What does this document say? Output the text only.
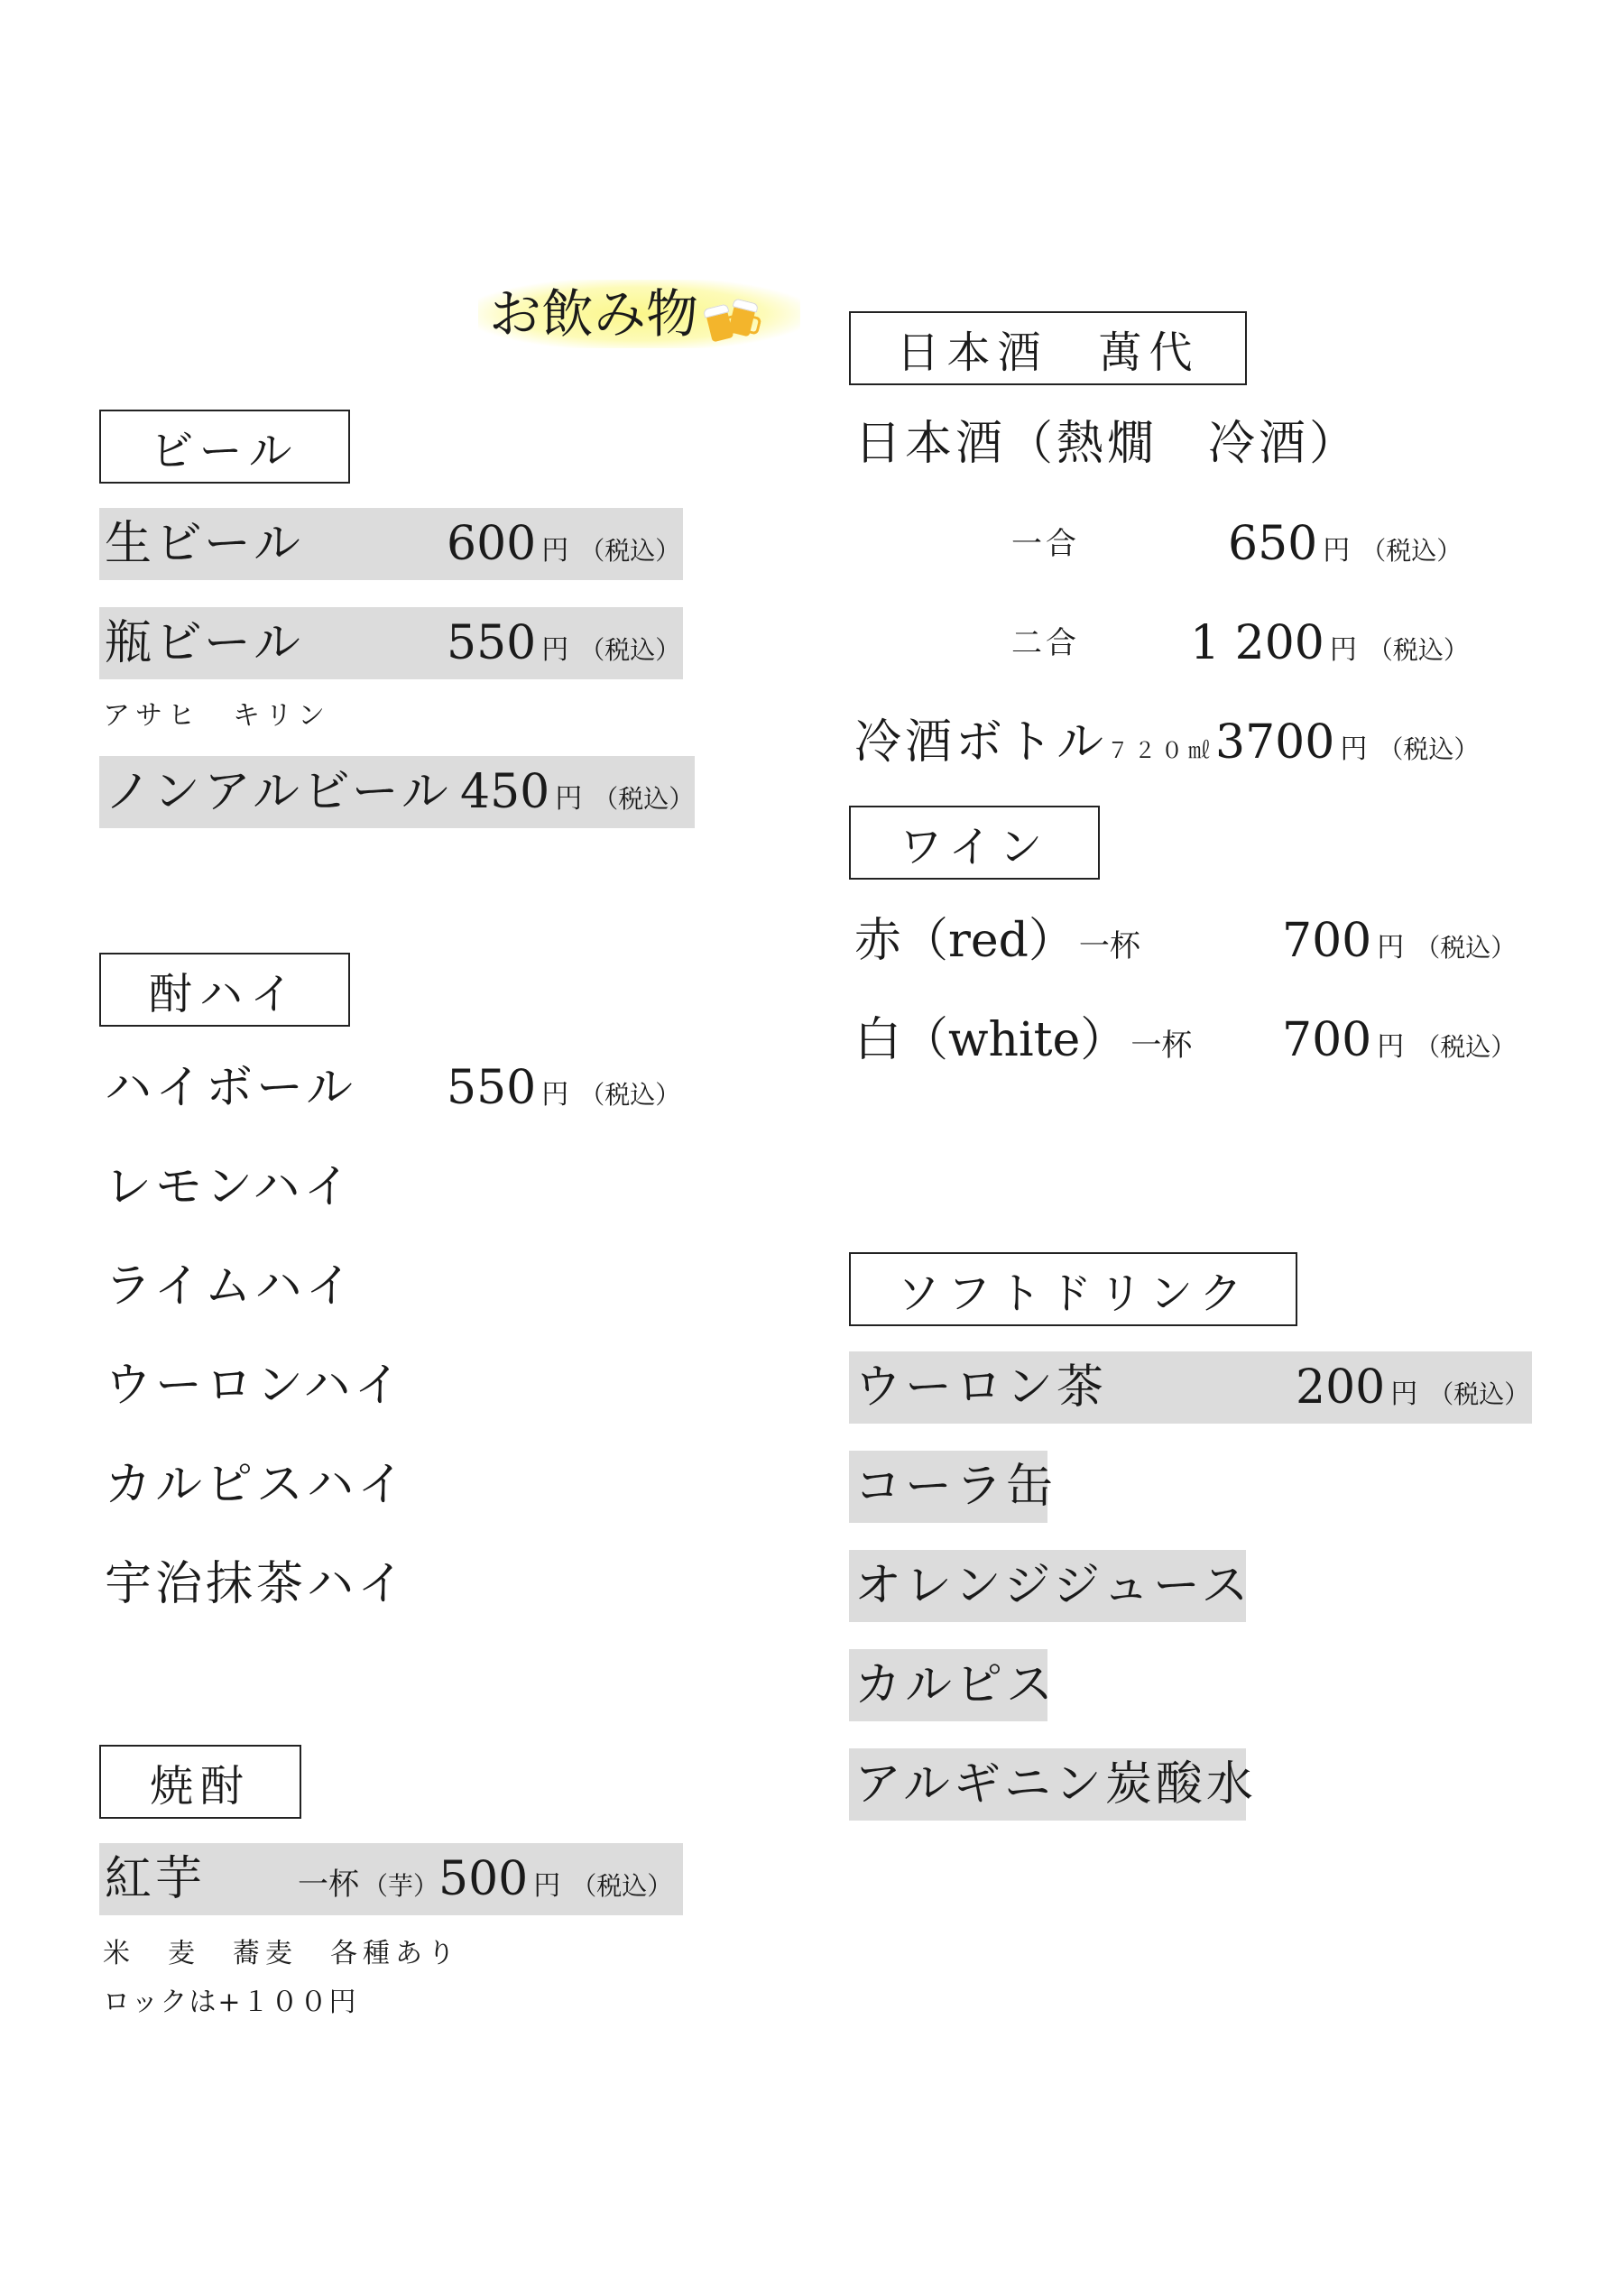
お飲み物
ビール
生ビール	600 円 （税込）
瓶ビール	550 円 （税込）
アサヒ　キリン
ノンアルビール 450 円 （税込）
酎ハイ
ハイボール 550 円 （税込）
レモンハイ
ライムハイ
ウーロンハイ
カルピスハイ
宇治抹茶ハイ
焼酎
紅芋	一杯 （芋）500 円 （税込）
米　麦　蕎麦　各種あり
ロックは+１００円
日本酒　萬代
日本酒（熱燗　冷酒）
一合	650 円 （税込）
二合 1 200 円 （税込）
冷酒ボトル７２０㎖3700 円 （税込）
ワイン
赤（red） 一杯	700 円 （税込）
白（white） 一杯 700 円 （税込）
ソフトドリンク
ウーロン茶	200 円 （税込）
コーラ缶
オレンジジュース
カルピス
アルギニン炭酸水
